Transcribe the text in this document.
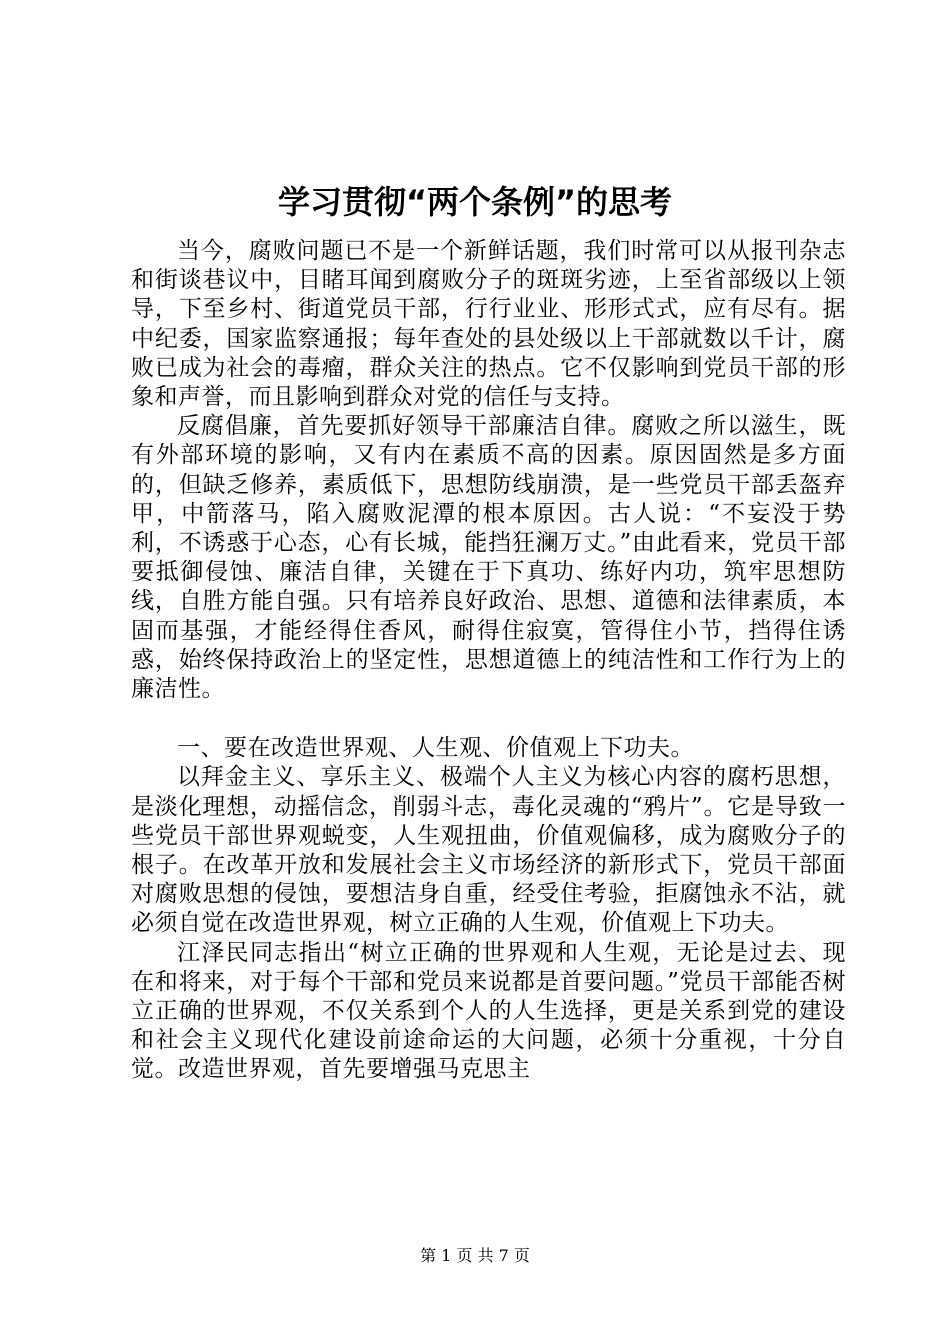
学习贯彻“两个条例”的思考

当今，腐败问题已不是一个新鲜话题，我们时常可以从报刊杂志和街谈巷议中，目睹耳闻到腐败分子的斑斑劣迹，上至省部级以上领导，下至乡村、街道党员干部，行行业业、形形式式，应有尽有。据中纪委，国家监察通报；每年查处的县处级以上干部就数以千计，腐败已成为社会的毒瘤，群众关注的热点。它不仅影响到党员干部的形象和声誉，而且影响到群众对党的信任与支持。

反腐倡廉，首先要抓好领导干部廉洁自律。腐败之所以滋生，既有外部环境的影响，又有内在素质不高的因素。原因固然是多方面的，但缺乏修养，素质低下，思想防线崩溃，是一些党员干部丢盔弃甲，中箭落马，陷入腐败泥潭的根本原因。古人说：“不妄没于势利，不诱惑于心态，心有长城，能挡狂澜万丈。”由此看来，党员干部要抵御侵蚀、廉洁自律，关键在于下真功、练好内功，筑牢思想防线，自胜方能自强。只有培养良好政治、思想、道德和法律素质，本固而基强，才能经得住香风，耐得住寂寞，管得住小节，挡得住诱惑，始终保持政治上的坚定性，思想道德上的纯洁性和工作行为上的廉洁性。

一、要在改造世界观、人生观、价值观上下功夫。

以拜金主义、享乐主义、极端个人主义为核心内容的腐朽思想，是淡化理想，动摇信念，削弱斗志，毒化灵魂的“鸦片”。它是导致一些党员干部世界观蜕变，人生观扭曲，价值观偏移，成为腐败分子的根子。在改革开放和发展社会主义市场经济的新形式下，党员干部面对腐败思想的侵蚀，要想洁身自重，经受住考验，拒腐蚀永不沾，就必须自觉在改造世界观，树立正确的人生观，价值观上下功夫。

江泽民同志指出“树立正确的世界观和人生观，无论是过去、现在和将来，对于每个干部和党员来说都是首要问题。”党员干部能否树立正确的世界观，不仅关系到个人的人生选择，更是关系到党的建设和社会主义现代化建设前途命运的大问题，必须十分重视，十分自觉。改造世界观，首先要增强马克思主

第 1 页 共 7 页
